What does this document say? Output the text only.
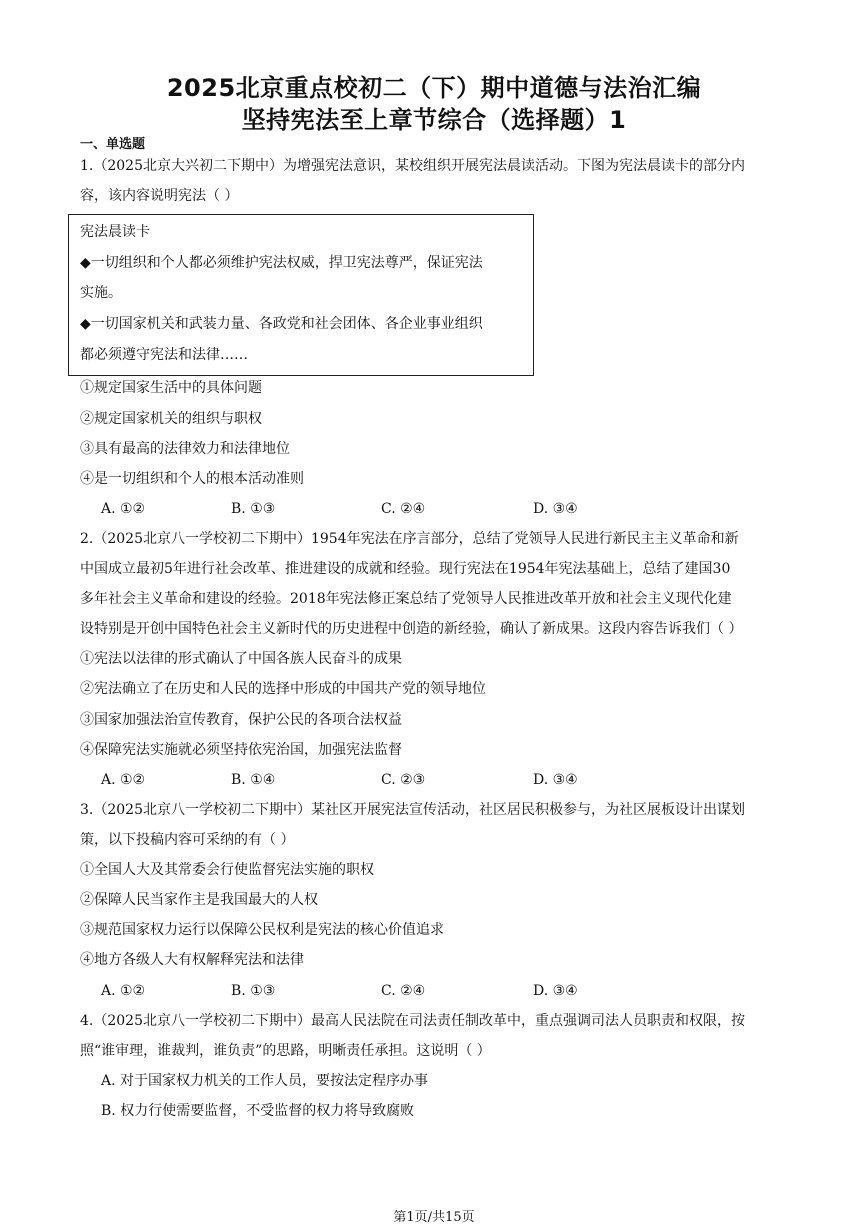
2025北京重点校初二（下）期中道德与法治汇编
坚持宪法至上章节综合（选择题）1
一、单选题
1.（2025北京大兴初二下期中）为增强宪法意识，某校组织开展宪法晨读活动。下图为宪法晨读卡的部分内
容，该内容说明宪法（ ）
宪法晨读卡
◆一切组织和个人都必须维护宪法权威，捍卫宪法尊严，保证宪法
实施。
◆一切国家机关和武装力量、各政党和社会团体、各企业事业组织
都必须遵守宪法和法律……
①规定国家生活中的具体问题
②规定国家机关的组织与职权
③具有最高的法律效力和法律地位
④是一切组织和个人的根本活动准则
A. ①②	B. ①③	C. ②④	D. ③④
2.（2025北京八一学校初二下期中）1954年宪法在序言部分，总结了党领导人民进行新民主主义革命和新
中国成立最初5年进行社会改革、推进建设的成就和经验。现行宪法在1954年宪法基础上，总结了建国30
多年社会主义革命和建设的经验。2018年宪法修正案总结了党领导人民推进改革开放和社会主义现代化建
设特别是开创中国特色社会主义新时代的历史进程中创造的新经验，确认了新成果。这段内容告诉我们（ ）
①宪法以法律的形式确认了中国各族人民奋斗的成果
②宪法确立了在历史和人民的选择中形成的中国共产党的领导地位
③国家加强法治宣传教育，保护公民的各项合法权益
④保障宪法实施就必须坚持依宪治国，加强宪法监督
A. ①②	B. ①④	C. ②③	D. ③④
3.（2025北京八一学校初二下期中）某社区开展宪法宣传活动，社区居民积极参与，为社区展板设计出谋划
策，以下投稿内容可采纳的有（ ）
①全国人大及其常委会行使监督宪法实施的职权
②保障人民当家作主是我国最大的人权
③规范国家权力运行以保障公民权利是宪法的核心价值追求
④地方各级人大有权解释宪法和法律
A. ①②	B. ①③	C. ②④	D. ③④
4.（2025北京八一学校初二下期中）最高人民法院在司法责任制改革中，重点强调司法人员职责和权限，按
照“谁审理，谁裁判，谁负责”的思路，明晰责任承担。这说明（ ）
A. 对于国家权力机关的工作人员，要按法定程序办事
B. 权力行使需要监督，不受监督的权力将导致腐败
第1页/共15页
